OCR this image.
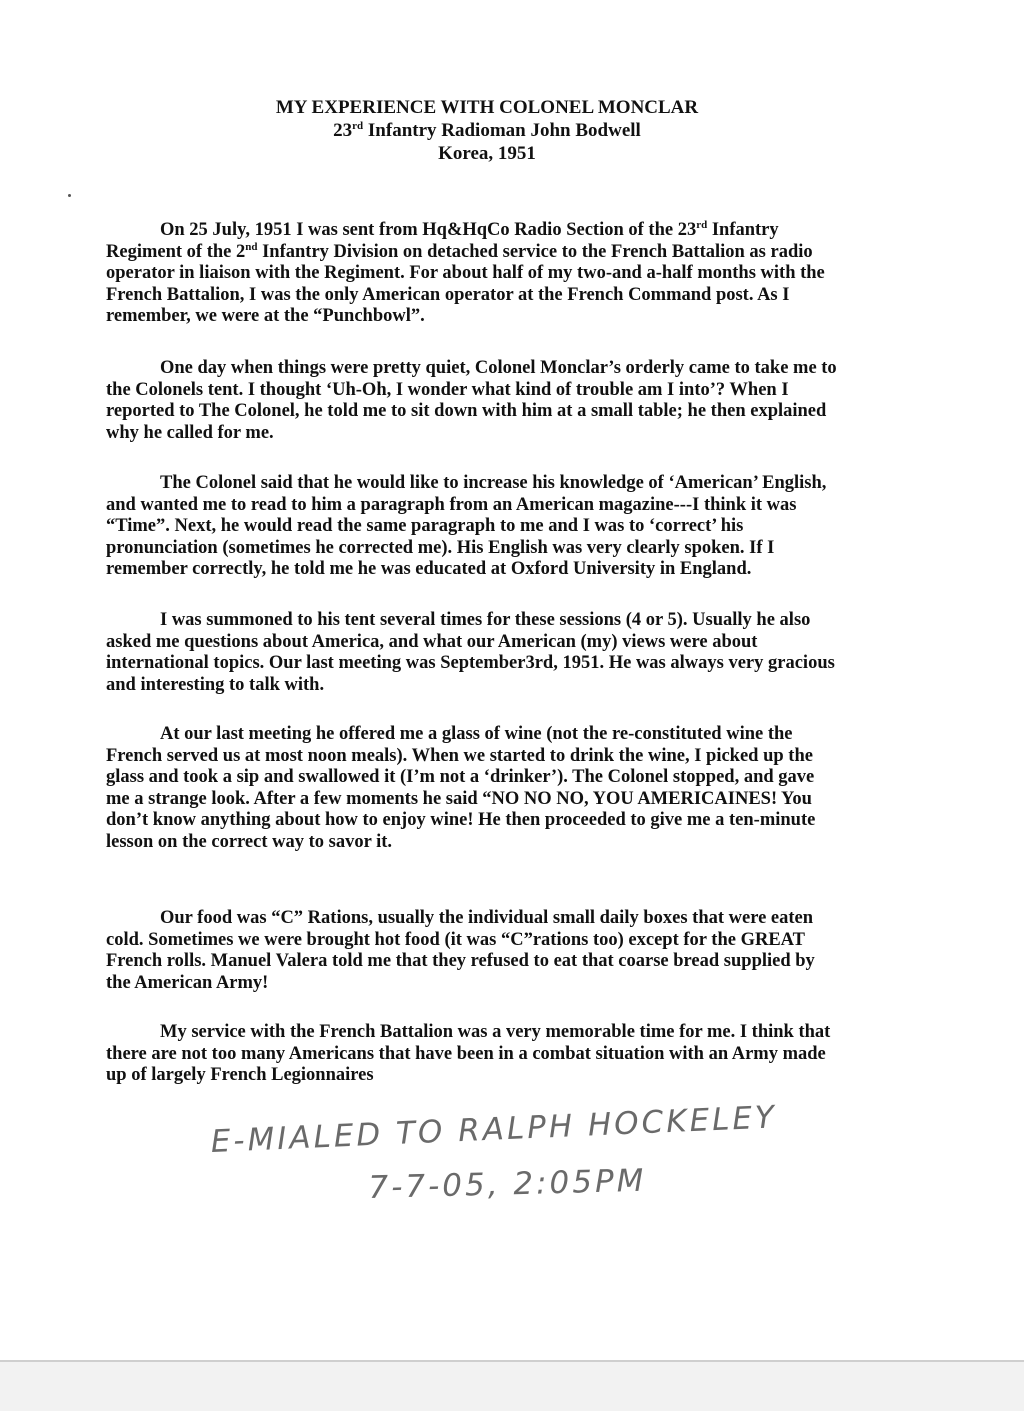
MY EXPERIENCE WITH COLONEL MONCLAR
23rd Infantry Radioman John Bodwell
Korea, 1951
On 25 July, 1951 I was sent from Hq&HqCo Radio Section of the 23rd Infantry
Regiment of the 2nd Infantry Division on detached service to the French Battalion as radio
operator in liaison with the Regiment. For about half of my two-and a-half months with the
French Battalion, I was the only American operator at the French Command post. As I
remember, we were at the “Punchbowl”.
One day when things were pretty quiet, Colonel Monclar’s orderly came to take me to
the Colonels tent. I thought ‘Uh-Oh, I wonder what kind of trouble am I into’? When I
reported to The Colonel, he told me to sit down with him at a small table; he then explained
why he called for me.
The Colonel said that he would like to increase his knowledge of ‘American’ English,
and wanted me to read to him a paragraph from an American magazine---I think it was
“Time”. Next, he would read the same paragraph to me and I was to ‘correct’ his
pronunciation (sometimes he corrected me). His English was very clearly spoken. If I
remember correctly, he told me he was educated at Oxford University in England.
I was summoned to his tent several times for these sessions (4 or 5). Usually he also
asked me questions about America, and what our American (my) views were about
international topics. Our last meeting was September3rd, 1951. He was always very gracious
and interesting to talk with.
At our last meeting he offered me a glass of wine (not the re-constituted wine the
French served us at most noon meals). When we started to drink the wine, I picked up the
glass and took a sip and swallowed it (I’m not a ‘drinker’). The Colonel stopped, and gave
me a strange look. After a few moments he said “NO NO NO, YOU AMERICAINES! You
don’t know anything about how to enjoy wine! He then proceeded to give me a ten-minute
lesson on the correct way to savor it.
Our food was “C” Rations, usually the individual small daily boxes that were eaten
cold. Sometimes we were brought hot food (it was “C”rations too) except for the GREAT
French rolls. Manuel Valera told me that they refused to eat that coarse bread supplied by
the American Army!
My service with the French Battalion was a very memorable time for me. I think that
there are not too many Americans that have been in a combat situation with an Army made
up of largely French Legionnaires
E-MIALED TO RALPH HOCKELEY
7-7-05, 2:05PM
